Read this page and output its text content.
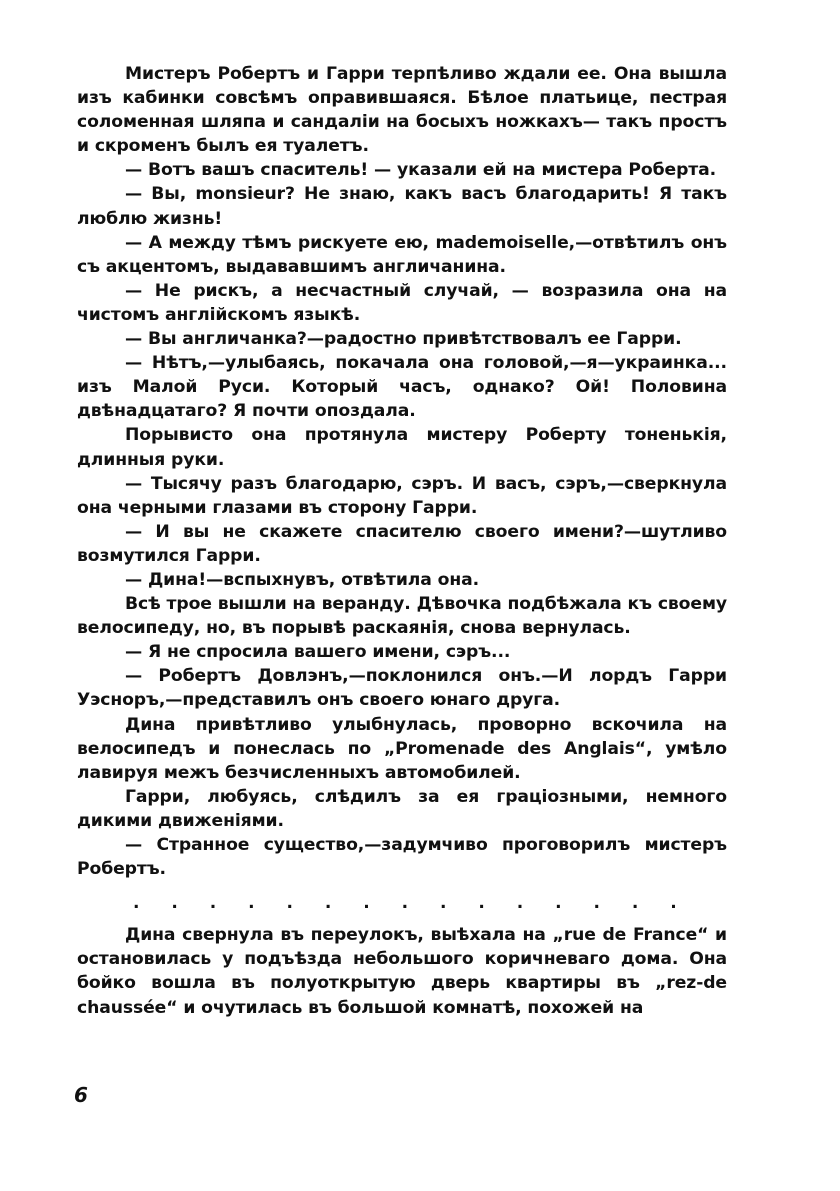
Мистеръ Робертъ и Гарри терпѣливо ждали ее. Она вышла изъ кабинки совсѣмъ оправившаяся. Бѣлое платьице, пестрая соломенная шляпа и сандалiи на босыхъ ножкахъ— такъ простъ и скроменъ былъ ея туалетъ.

— Вотъ вашъ спаситель! — указали ей на мистера Роберта.

— Вы, monsieur? Не знаю, какъ васъ благодарить! Я такъ люблю жизнь!

— А между тѣмъ рискуете ею, mademoiselle,—отвѣтилъ онъ съ акцентомъ, выдававшимъ англичанина.

— Не рискъ, а несчастный случай, — возразила она на чистомъ англiйскомъ языкѣ.

— Вы англичанка?—радостно привѣтствовалъ ее Гарри.

— Нѣтъ,—улыбаясь, покачала она головой,—я—украинка... изъ Малой Руси. Который часъ, однако? Ой! Половина двѣнадцатаго? Я почти опоздала.

Порывисто она протянула мистеру Роберту тоненькiя, длинныя руки.

— Тысячу разъ благодарю, сэръ. И васъ, сэръ,—сверкнула она черными глазами въ сторону Гарри.

— И вы не скажете спасителю своего имени?—шутливо возмутился Гарри.

— Дина!—вспыхнувъ, отвѣтила она.

Всѣ трое вышли на веранду. Дѣвочка подбѣжала къ своему велосипеду, но, въ порывѣ раскаянiя, снова вернулась.

— Я не спросила вашего имени, сэръ...

— Робертъ Довлэнъ,—поклонился онъ.—И лордъ Гарри Уэсноръ,—представилъ онъ своего юнаго друга.

Дина привѣтливо улыбнулась, проворно вскочила на велосипедъ и понеслась по „Promenade des Anglais“, умѣло лавируя межъ безчисленныхъ автомобилей.

Гарри, любуясь, слѣдилъ за ея грацiозными, немного дикими движенiями.

— Странное существо,—задумчиво проговорилъ мистеръ Робертъ.

. . . . . . . . . . . . . . .

Дина свернула въ переулокъ, выѣхала на „rue de France“ и остановилась у подъѣзда небольшого коричневаго дома. Она бойко вошла въ полуоткрытую дверь квартиры въ „rez-de chaussée“ и очутилась въ большой комнатѣ, похожей на

6
